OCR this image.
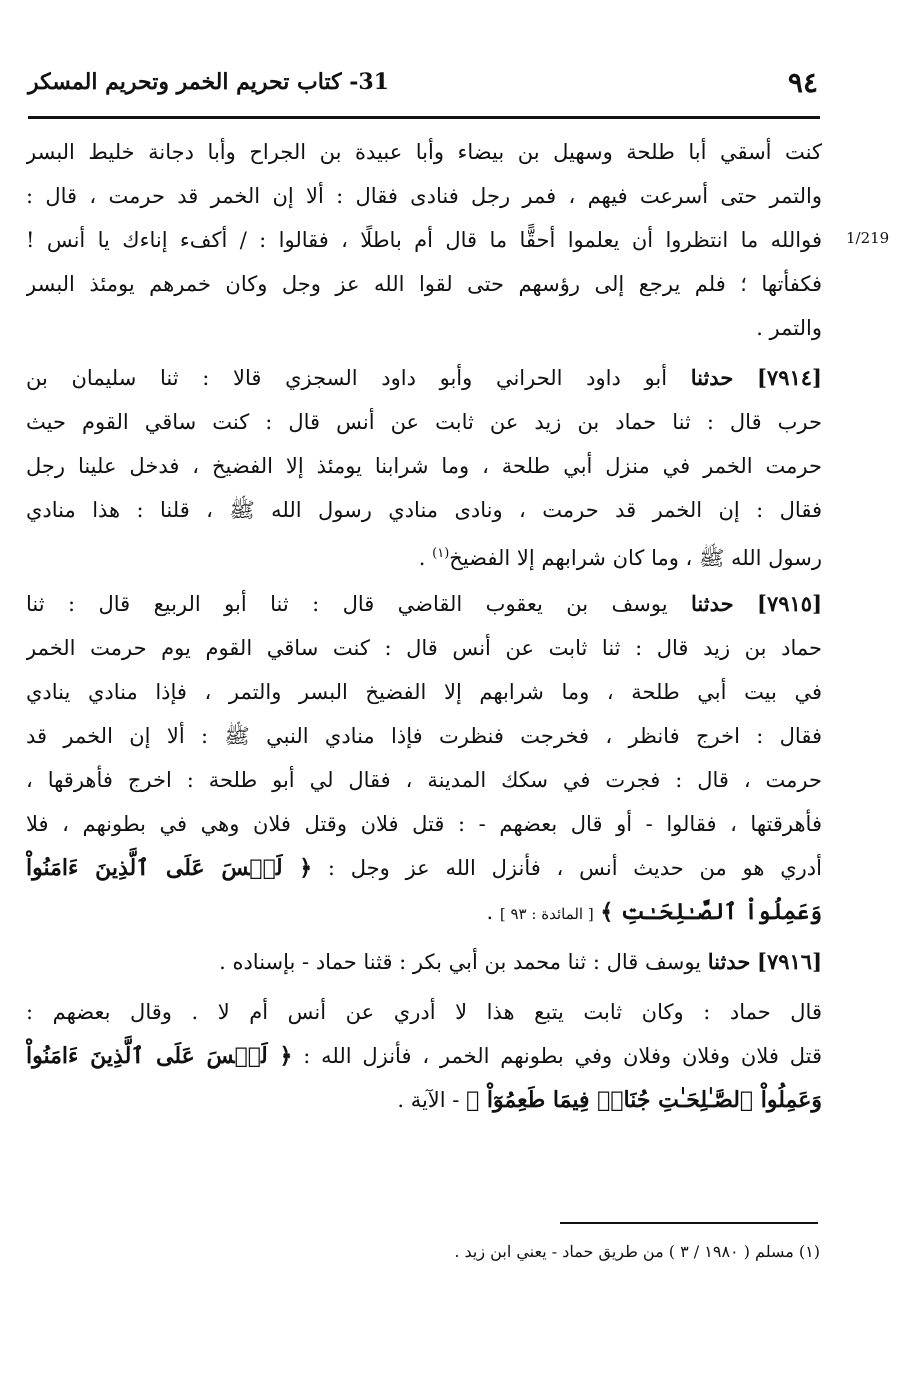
٩٤
31- كتاب تحريم الخمر وتحريم المسكر
1/219
كنت أسقي أبا طلحة وسهيل بن بيضاء وأبا عبيدة بن الجراح وأبا دجانة خليط البسر
والتمر حتى أسرعت فيهم ، فمر رجل فنادى فقال : ألا إن الخمر قد حرمت ، قال :
فوالله ما انتظروا أن يعلموا أحقًّا ما قال أم باطلًا ، فقالوا : / أكفء إناءك يا أنس !
فكفأتها ؛ فلم يرجع إلى رؤسهم حتى لقوا الله عز وجل وكان خمرهم يومئذ البسر
والتمر .
[٧٩١٤] حدثنا أبو داود الحراني وأبو داود السجزي قالا : ثنا سليمان بن
حرب قال : ثنا حماد بن زيد عن ثابت عن أنس قال : كنت ساقي القوم حيث
حرمت الخمر في منزل أبي طلحة ، وما شرابنا يومئذ إلا الفضيخ ، فدخل علينا رجل
فقال : إن الخمر قد حرمت ، ونادى منادي رسول الله ﷺ ، قلنا : هذا منادي
رسول الله ﷺ ، وما كان شرابهم إلا الفضيخ$^{(١)}$ .
[٧٩١٥] حدثنا يوسف بن يعقوب القاضي قال : ثنا أبو الربيع قال : ثنا
حماد بن زيد قال : ثنا ثابت عن أنس قال : كنت ساقي القوم يوم حرمت الخمر
في بيت أبي طلحة ، وما شرابهم إلا الفضيخ البسر والتمر ، فإذا منادي ينادي
فقال : اخرج فانظر ، فخرجت فنظرت فإذا منادي النبي ﷺ : ألا إن الخمر قد
حرمت ، قال : فجرت في سكك المدينة ، فقال لي أبو طلحة : اخرج فأهرقها ،
فأهرقتها ، فقالوا - أو قال بعضهم - : قتل فلان وقتل فلان وهي في بطونهم ، فلا
أدري هو من حديث أنس ، فأنزل الله عز وجل : ﴿ لَيۡسَ عَلَى ٱلَّذِينَ ءَامَنُواْ
وَعَمِلُواْ ٱلصَّـٰلِحَـٰتِ ﴾ [ المائدة : ٩٣ ] .
[٧٩١٦] حدثنا يوسف قال : ثنا محمد بن أبي بكر : قثنا حماد - بإسناده .
قال حماد : وكان ثابت يتبع هذا لا أدري عن أنس أم لا . وقال بعضهم :
قتل فلان وفلان وفلان وفي بطونهم الخمر ، فأنزل الله : ﴿ لَيۡسَ عَلَى ٱلَّذِينَ ءَامَنُواْ
وَعَمِلُواْ ٱلصَّـٰلِحَـٰتِ جُنَاحٞ فِيمَا طَعِمُوٓاْ ﴾ - الآية .
(١) مسلم ( ١٩٨٠ / ٣ ) من طريق حماد - يعني ابن زيد .
